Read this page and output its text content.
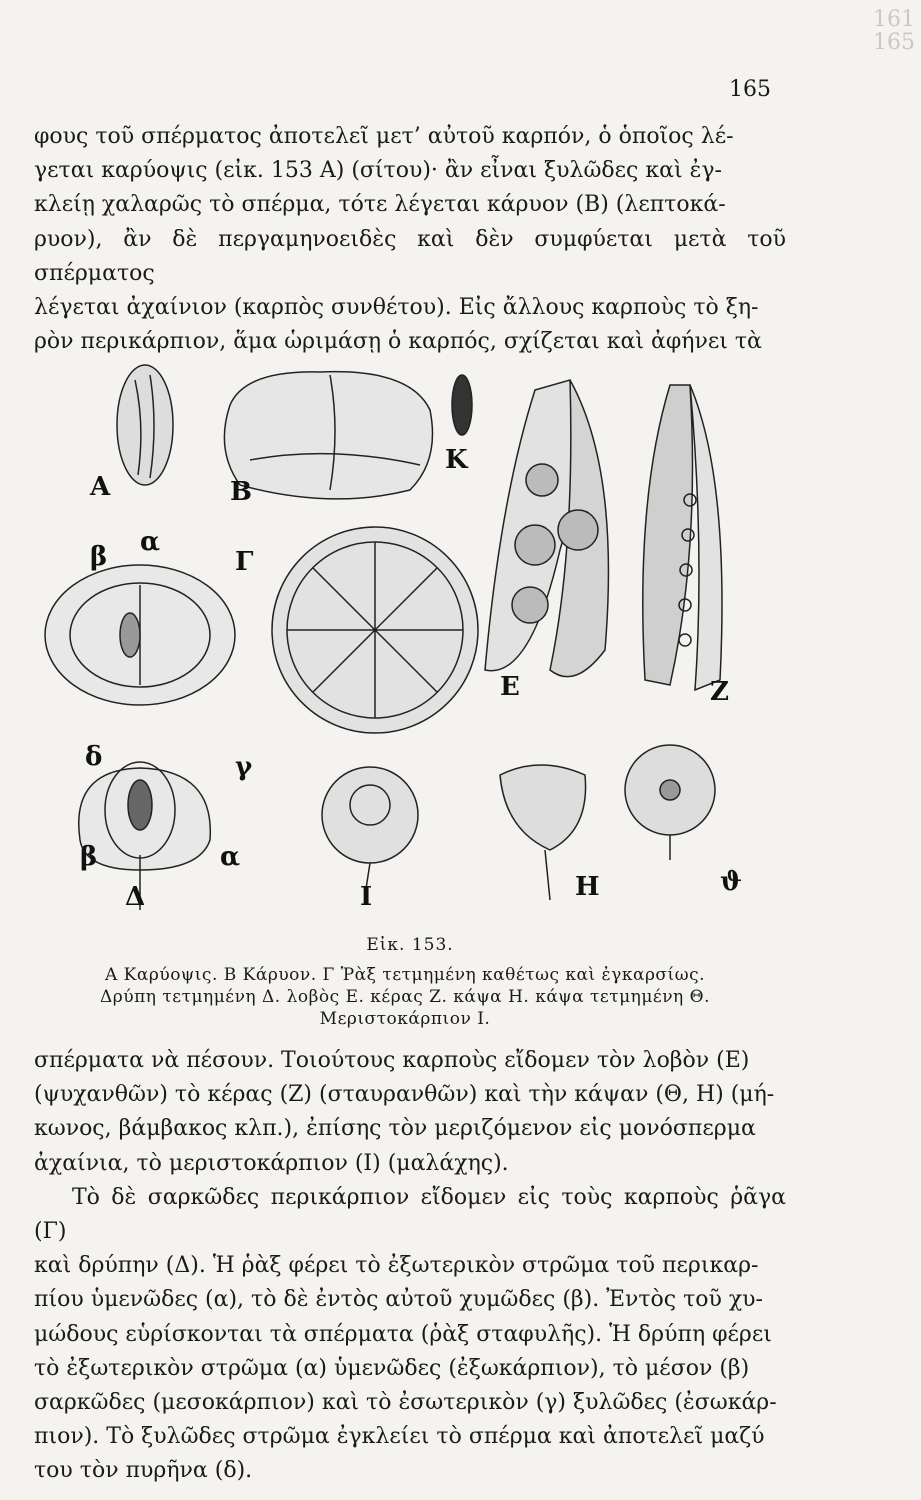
161
165
165

φους τοῦ σπέρματος ἀποτελεῖ μετ’ αὐτοῦ καρπόν, ὁ ὁποῖος λέ-

γεται καρύοψις (εἰκ. 153 Α) (σίτου)· ἂν εἶναι ξυλῶδες καὶ ἐγ-

κλείῃ χαλαρῶς τὸ σπέρμα, τότε λέγεται κάρυον (Β) (λεπτοκά-

ρυον), ἂν δὲ περγαμηνοειδὲς καὶ δὲν συμφύεται μετὰ τοῦ σπέρματος

λέγεται ἀχαίνιον (καρπὸς συνθέτου). Εἰς ἄλλους καρποὺς τὸ ξη-

ρὸν περικάρπιον, ἅμα ὡριμάσῃ ὁ καρπός, σχίζεται καὶ ἀφήνει τὰ

Α	Β
Κ
Ε	Ζ
Γ
β α
δ	γ
β	α
Δ	Ι	Η	ϑ
Εἰκ. 153.
Α Καρύοψις. Β Κάρυον. Γ Ῥὰξ τετμημένη καθέτως καὶ ἐγκαρσίως.
Δρύπη τετμημένη Δ. λοβὸς Ε. κέρας Ζ. κάψα Η. κάψα τετμημένη Θ.
Μεριστοκάρπιον Ι.

σπέρματα νὰ πέσουν. Τοιούτους καρποὺς εἴδομεν τὸν λοβὸν (Ε)

(ψυχανθῶν) τὸ κέρας (Ζ) (σταυρανθῶν) καὶ τὴν κάψαν (Θ, Η) (μή-

κωνος, βάμβακος κλπ.), ἐπίσης τὸν μεριζόμενον εἰς μονόσπερμα

ἀχαίνια, τὸ μεριστοκάρπιον (Ι) (μαλάχης).

Τὸ δὲ σαρκῶδες περικάρπιον εἴδομεν εἰς τοὺς καρποὺς ῥᾶγα (Γ)

καὶ δρύπην (Δ). Ἡ ῥὰξ φέρει τὸ ἐξωτερικὸν στρῶμα τοῦ περικαρ-

πίου ὑμενῶδες (α), τὸ δὲ ἐντὸς αὐτοῦ χυμῶδες (β). Ἐντὸς τοῦ χυ-

μώδους εὑρίσκονται τὰ σπέρματα (ῥὰξ σταφυλῆς). Ἡ δρύπη φέρει

τὸ ἐξωτερικὸν στρῶμα (α) ὑμενῶδες (ἐξωκάρπιον), τὸ μέσον (β)

σαρκῶδες (μεσοκάρπιον) καὶ τὸ ἐσωτερικὸν (γ) ξυλῶδες (ἐσωκάρ-

πιον). Τὸ ξυλῶδες στρῶμα ἐγκλείει τὸ σπέρμα καὶ ἀποτελεῖ μαζύ

του τὸν πυρῆνα (δ).
